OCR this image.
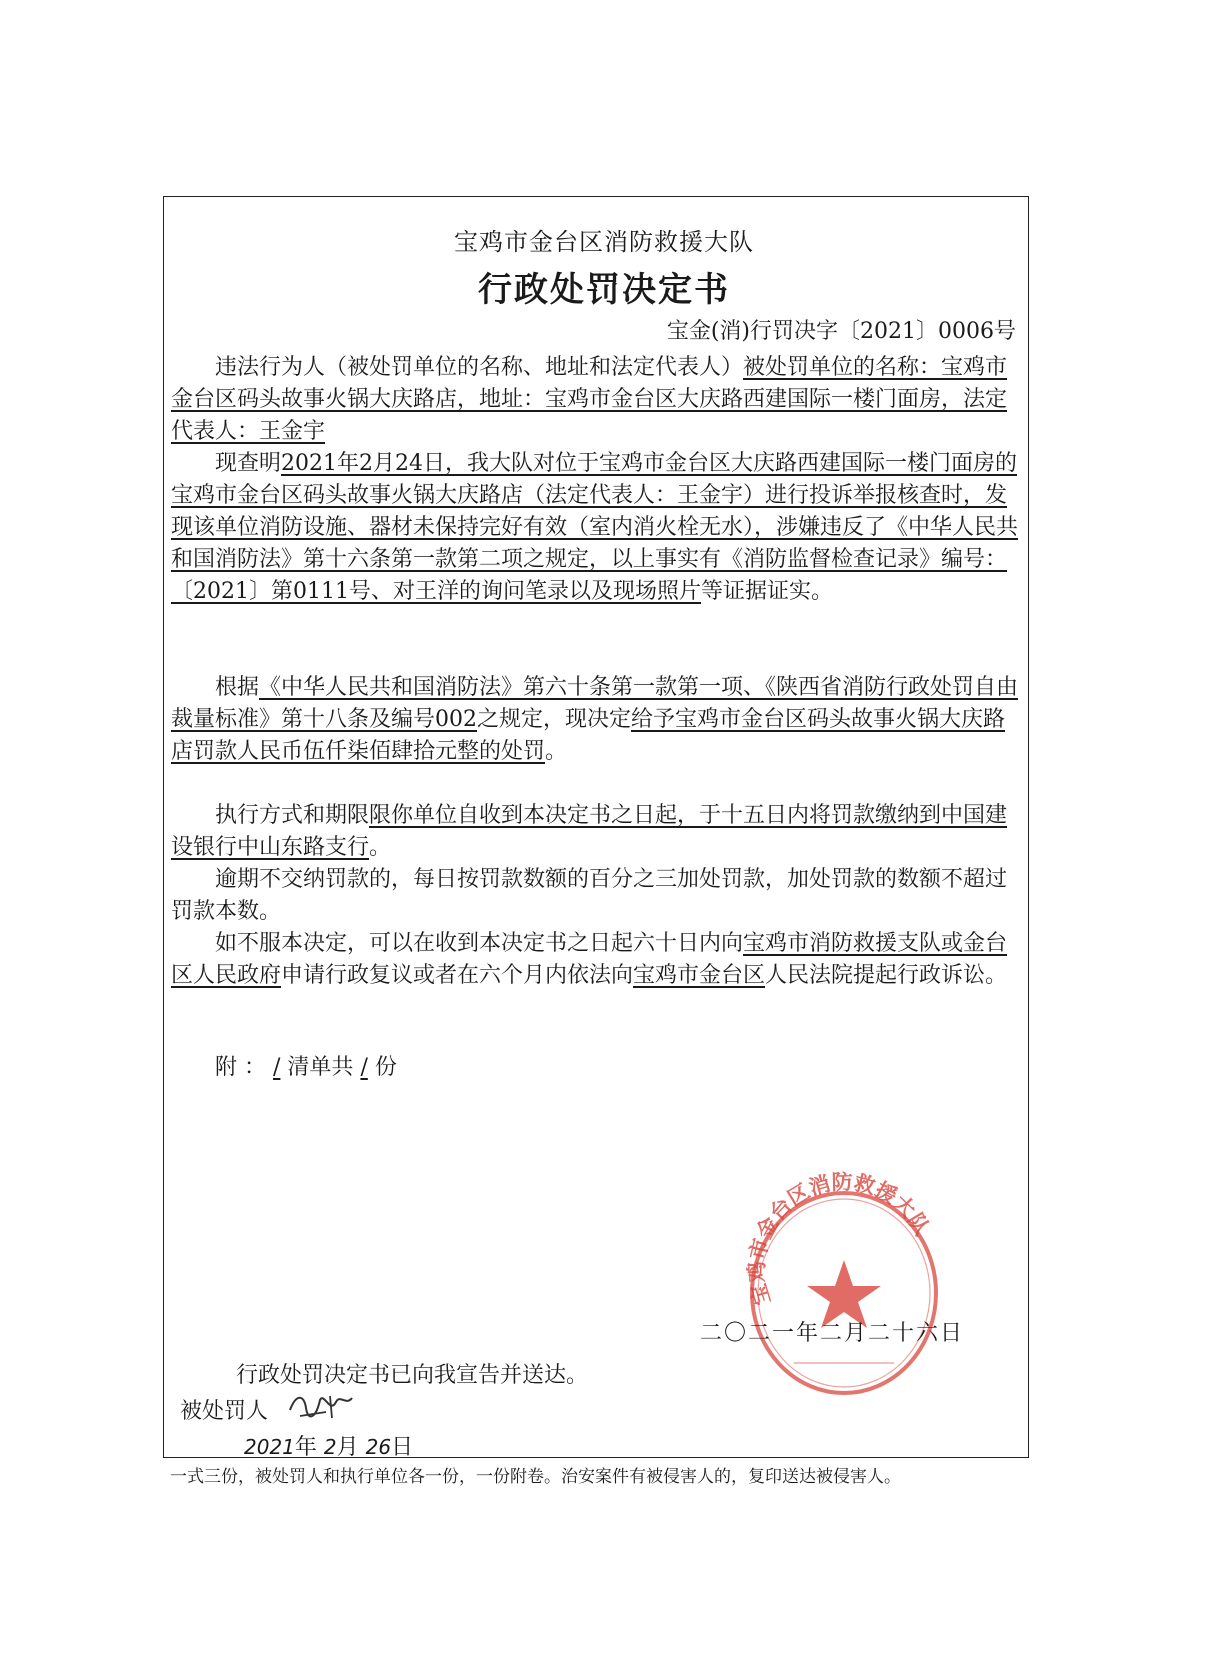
宝鸡市金台区消防救援大队
行政处罚决定书
宝金(消)行罚决字〔2021〕0006号

违法行为人（被处罚单位的名称、地址和法定代表人）被处罚单位的名称：宝鸡市金台区码头故事火锅大庆路店，地址：宝鸡市金台区大庆路西建国际一楼门面房，法定代表人：王金宇

现查明2021年2月24日，我大队对位于宝鸡市金台区大庆路西建国际一楼门面房的宝鸡市金台区码头故事火锅大庆路店（法定代表人：王金宇）进行投诉举报核查时，发现该单位消防设施、器材未保持完好有效（室内消火栓无水），涉嫌违反了《中华人民共和国消防法》第十六条第一款第二项之规定，以上事实有《消防监督检查记录》编号：〔2021〕第0111号、对王洋的询问笔录以及现场照片等证据证实。

根据《中华人民共和国消防法》第六十条第一款第一项、《陕西省消防行政处罚自由裁量标准》第十八条及编号002之规定，现决定给予宝鸡市金台区码头故事火锅大庆路店罚款人民币伍仟柒佰肆拾元整的处罚。

执行方式和期限限你单位自收到本决定书之日起，于十五日内将罚款缴纳到中国建设银行中山东路支行。

逾期不交纳罚款的，每日按罚款数额的百分之三加处罚款，加处罚款的数额不超过罚款本数。

如不服本决定，可以在收到本决定书之日起六十日内向宝鸡市消防救援支队或金台区人民政府申请行政复议或者在六个月内依法向宝鸡市金台区人民法院提起行政诉讼。

附 ： / 清单共 / 份
宝鸡市金台区消防救援大队
二〇二一年二月二十六日
行政处罚决定书已向我宣告并送达。
被处罚人
2021年 2月 26日
一式三份，被处罚人和执行单位各一份，一份附卷。治安案件有被侵害人的，复印送达被侵害人。
